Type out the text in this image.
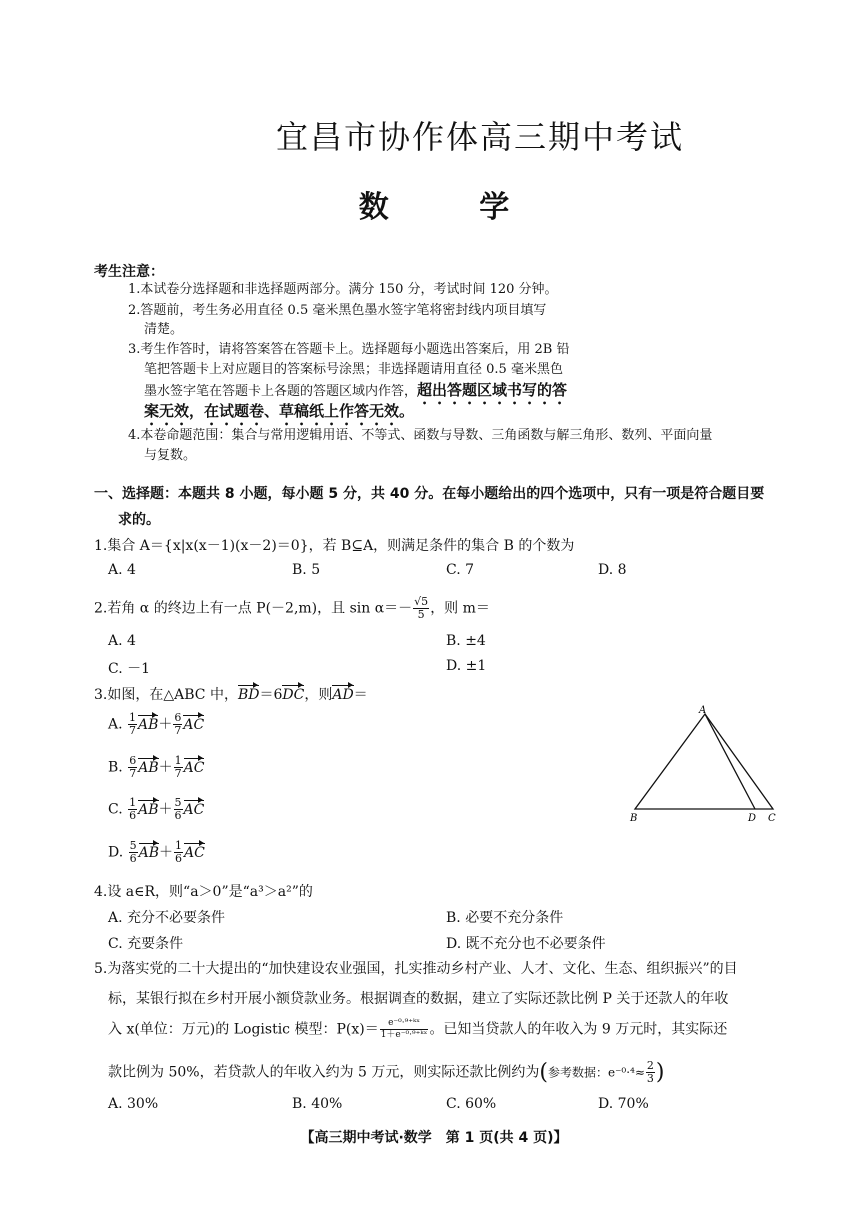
宜昌市协作体高三期中考试
数 学
考生注意：
1.本试卷分选择题和非选择题两部分。满分 150 分，考试时间 120 分钟。
2.答题前，考生务必用直径 0.5 毫米黑色墨水签字笔将密封线内项目填写
清楚。
3.考生作答时，请将答案答在答题卡上。选择题每小题选出答案后，用 2B 铅
笔把答题卡上对应题目的答案标号涂黑；非选择题请用直径 0.5 毫米黑色
墨水签字笔在答题卡上各题的答题区域内作答，超出答题区域书写的答
案无效，在试题卷、草稿纸上作答无效。
4.本卷命题范围：集合与常用逻辑用语、不等式、函数与导数、三角函数与解三角形、数列、平面向量
与复数。
一、选择题：本题共 8 小题，每小题 5 分，共 40 分。在每小题给出的四个选项中，只有一项是符合题目要
求的。
1.集合 A＝{x|x(x－1)(x－2)＝0}，若 B⊆A，则满足条件的集合 B 的个数为
A. 4	B. 5	C. 7	D. 8
2.若角 α 的终边上有一点 P(－2,m)，且 $\sin \alpha=- \frac{√5}{5}$ ，则 m＝
A. 4	B. ±4
C. －1	D. ±1
3.如图，在△ABC 中，BD＝6DC，则AD＝
A. $\frac{1}{7} AB+ \frac{6}{7}$ AC
B. $\frac{6}{7} AB+ \frac{1}{7}$ AC
C. $\frac{1}{6} AB+ \frac{5}{6}$ AC
D. $\frac{5}{6} AB+ \frac{1}{6}$ AC
A
B	D C
4.设 a∈R，则“a＞0”是“a³＞a²”的
A. 充分不必要条件	B. 必要不充分条件
C. 充要条件	D. 既不充分也不必要条件
5.为落实党的二十大提出的“加快建设农业强国，扎实推动乡村产业、人才、文化、生态、组织振兴”的目
标，某银行拟在乡村开展小额贷款业务。根据调查的数据，建立了实际还款比例 P 关于还款人的年收
入 x(单位：万元)的 Logistic 模型：$P(x)= \frac{\text{e⁻⁰·⁹⁺ᵏˣ}}{\text{1＋e⁻⁰·⁹⁺ᵏˣ}}$ 。已知当贷款人的年收入为 9 万元时，其实际还
款比例为 50%，若贷款人的年收入约为 5 万元，则实际还款比例约为(参考数据：$e^{-0}\cdot^4\approx \frac{2}{3}$ )
A. 30%	B. 40%	C. 60%	D. 70%
【高三期中考试·数学　第 1 页(共 4 页)】
